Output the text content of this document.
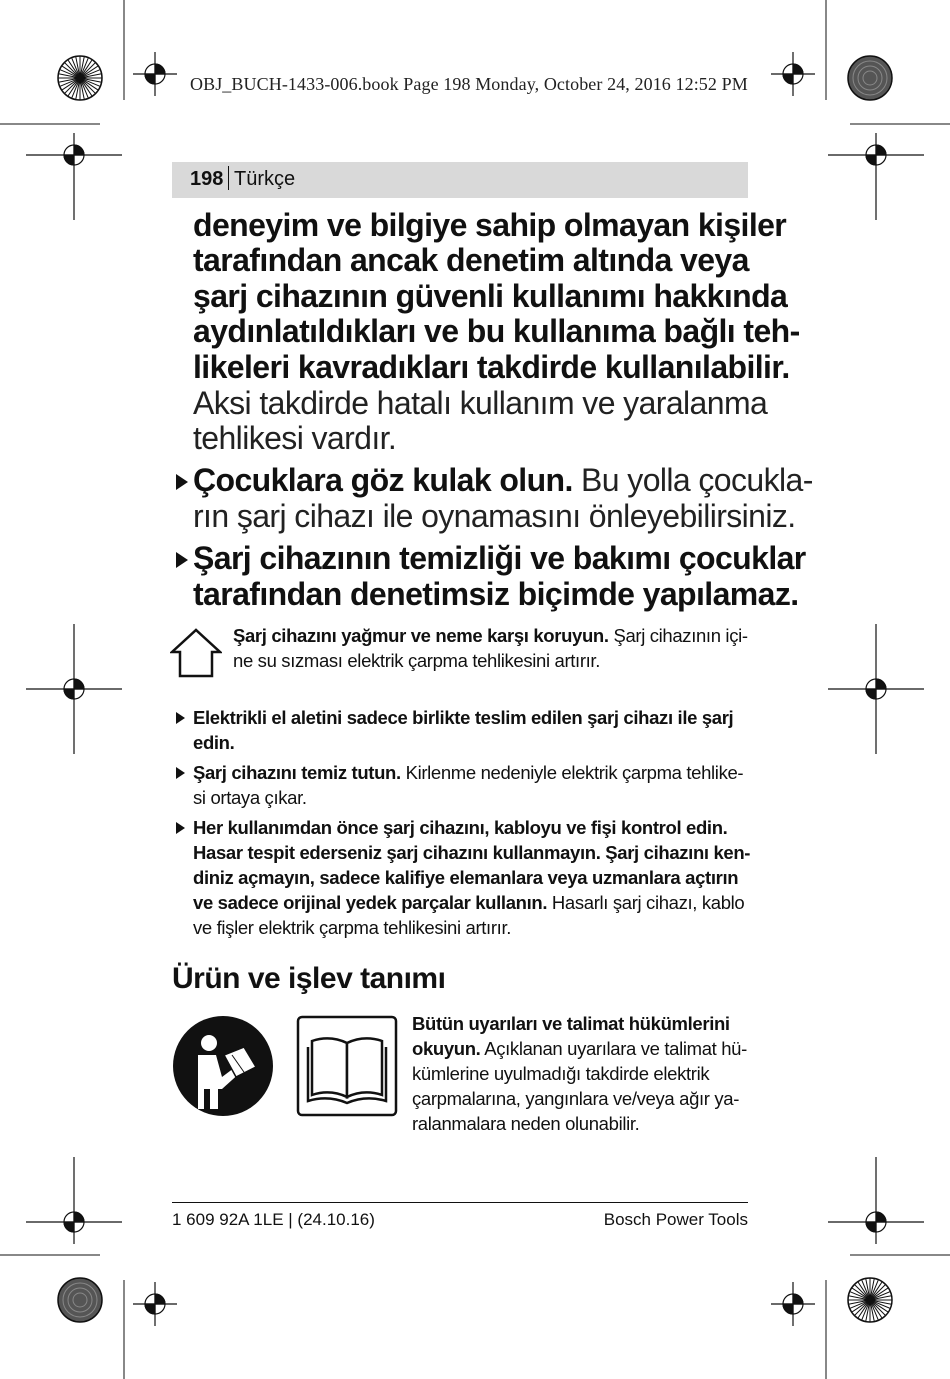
OBJ_BUCH-1433-006.book Page 198 Monday, October 24, 2016 12:52 PM
198 Türkçe
deneyim ve bilgiye sahip olmayan kişiler
tarafından ancak denetim altında veya
şarj cihazının güvenli kullanımı hakkında
aydınlatıldıkları ve bu kullanıma bağlı teh-
likeleri kavradıkları takdirde kullanılabilir.
Aksi takdirde hatalı kullanım ve yaralanma
tehlikesi vardır.
Çocuklara göz kulak olun. Bu yolla çocukla-
rın şarj cihazı ile oynamasını önleyebilirsiniz.
Şarj cihazının temizliği ve bakımı çocuklar
tarafından denetimsiz biçimde yapılamaz.
Şarj cihazını yağmur ve neme karşı koruyun. Şarj cihazının içi-
ne su sızması elektrik çarpma tehlikesini artırır.
Elektrikli el aletini sadece birlikte teslim edilen şarj cihazı ile şarj
edin.
Şarj cihazını temiz tutun. Kirlenme nedeniyle elektrik çarpma tehlike-
si ortaya çıkar.
Her kullanımdan önce şarj cihazını, kabloyu ve fişi kontrol edin.
Hasar tespit ederseniz şarj cihazını kullanmayın. Şarj cihazını ken-
diniz açmayın, sadece kalifiye elemanlara veya uzmanlara açtırın
ve sadece orijinal yedek parçalar kullanın. Hasarlı şarj cihazı, kablo
ve fişler elektrik çarpma tehlikesini artırır.
Ürün ve işlev tanımı
Bütün uyarıları ve talimat hükümlerini
okuyun. Açıklanan uyarılara ve talimat hü-
kümlerine uyulmadığı takdirde elektrik
çarpmalarına, yangınlara ve/veya ağır ya-
ralanmalara neden olunabilir.
1 609 92A 1LE | (24.10.16)	Bosch Power Tools
